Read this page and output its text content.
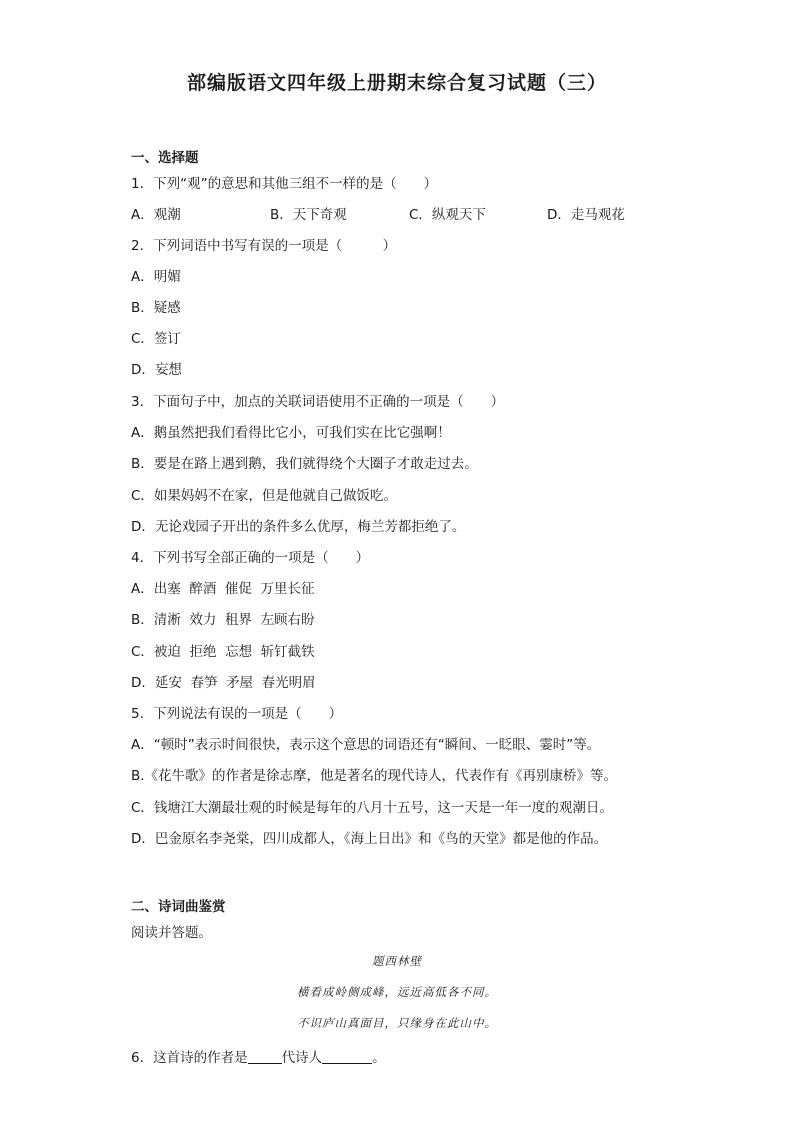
部编版语文四年级上册期末综合复习试题（三）
一、选择题
1．下列“观”的意思和其他三组不一样的是（　　）
A．观潮	B．天下奇观	C．纵观天下	D．走马观花
2．下列词语中书写有误的一项是（　　　）
A．明媚
B．疑感
C．签订
D．妄想
3．下面句子中，加点的关联词语使用不正确的一项是（　　）
A．鹅虽然把我们看得比它小，可我们实在比它强啊！
B．要是在路上遇到鹅，我们就得绕个大圈子才敢走过去。
C．如果妈妈不在家，但是他就自己做饭吃。
D．无论戏园子开出的条件多么优厚，梅兰芳都拒绝了。
4．下列书写全部正确的一项是（　　）
A．出塞  醉酒  催促  万里长征
B．清淅  效力  租界  左顾右盼
C．被迫  拒绝  忘想  斩钉截铁
D．延安  春笋  矛屋  春光明眉
5．下列说法有误的一项是（　　）
A．“顿时”表示时间很快，表示这个意思的词语还有“瞬间、一眨眼、霎时”等。
B.《花牛歌》的作者是徐志摩，他是著名的现代诗人，代表作有《再别康桥》等。
C．钱塘江大潮最壮观的时候是每年的八月十五号，这一天是一年一度的观潮日。
D．巴金原名李尧棠，四川成都人，《海上日出》和《鸟的天堂》都是他的作品。
二、诗词曲鉴赏
阅读并答题。
题西林壁
横看成岭侧成峰，远近高低各不同。
不识庐山真面目，只缘身在此山中。
6．这首诗的作者是	代诗人	。
